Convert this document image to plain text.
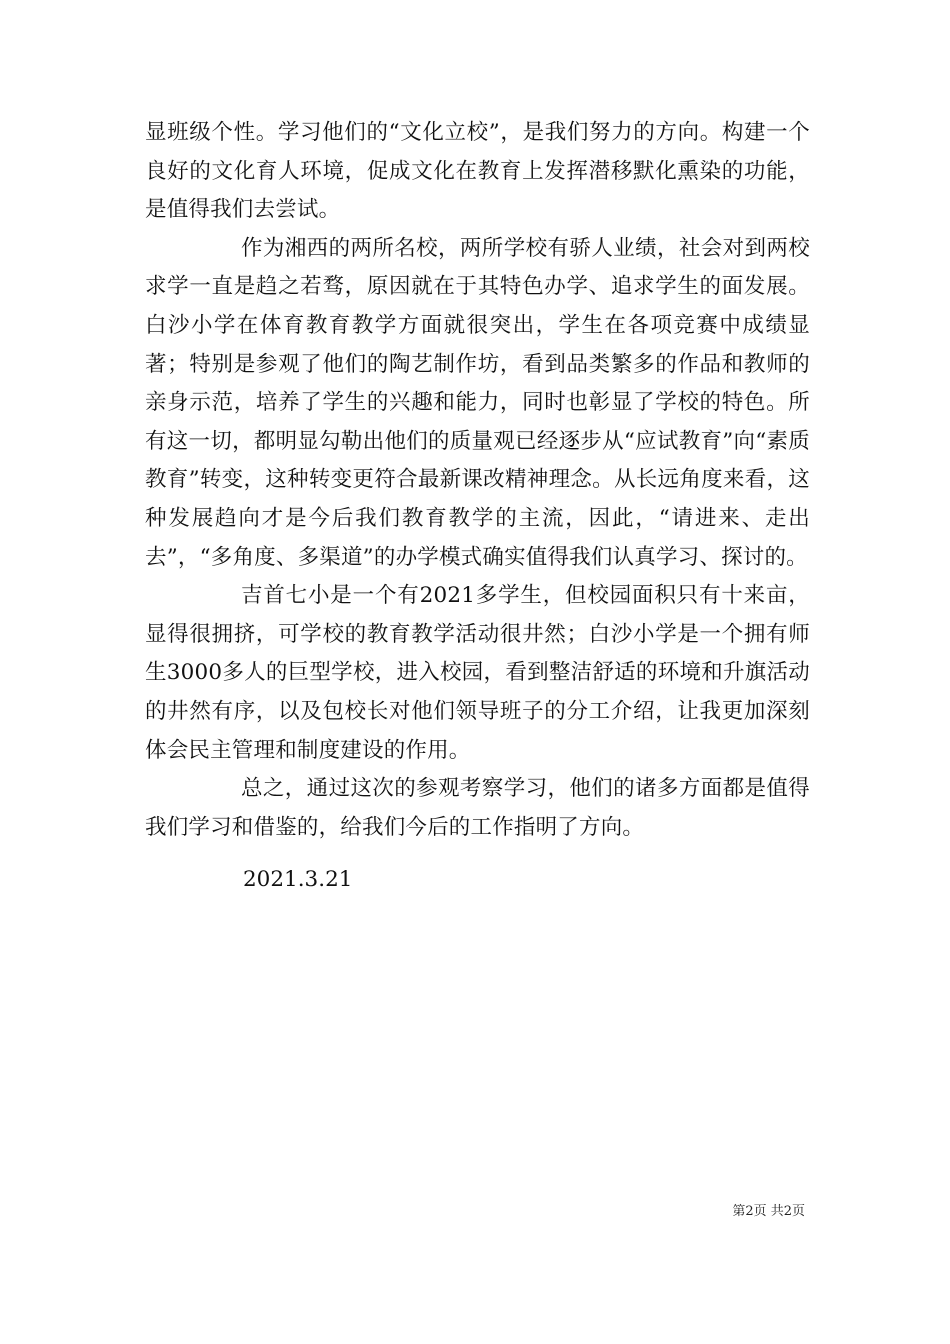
显班级个性。学习他们的“文化立校”，是我们努力的方向。构建一个良好的文化育人环境，促成文化在教育上发挥潜移默化熏染的功能，是值得我们去尝试。

作为湘西的两所名校，两所学校有骄人业绩，社会对到两校求学一直是趋之若骛，原因就在于其特色办学、追求学生的面发展。白沙小学在体育教育教学方面就很突出，学生在各项竞赛中成绩显著；特别是参观了他们的陶艺制作坊，看到品类繁多的作品和教师的亲身示范，培养了学生的兴趣和能力，同时也彰显了学校的特色。所有这一切，都明显勾勒出他们的质量观已经逐步从“应试教育”向“素质教育”转变，这种转变更符合最新课改精神理念。从长远角度来看，这种发展趋向才是今后我们教育教学的主流，因此，“请进来、走出去”，“多角度、多渠道”的办学模式确实值得我们认真学习、探讨的。

吉首七小是一个有2021多学生，但校园面积只有十来亩，显得很拥挤，可学校的教育教学活动很井然；白沙小学是一个拥有师生3000多人的巨型学校，进入校园，看到整洁舒适的环境和升旗活动的井然有序，以及包校长对他们领导班子的分工介绍，让我更加深刻体会民主管理和制度建设的作用。

总之，通过这次的参观考察学习，他们的诸多方面都是值得我们学习和借鉴的，给我们今后的工作指明了方向。

2021.3.21
第2页 共2页
